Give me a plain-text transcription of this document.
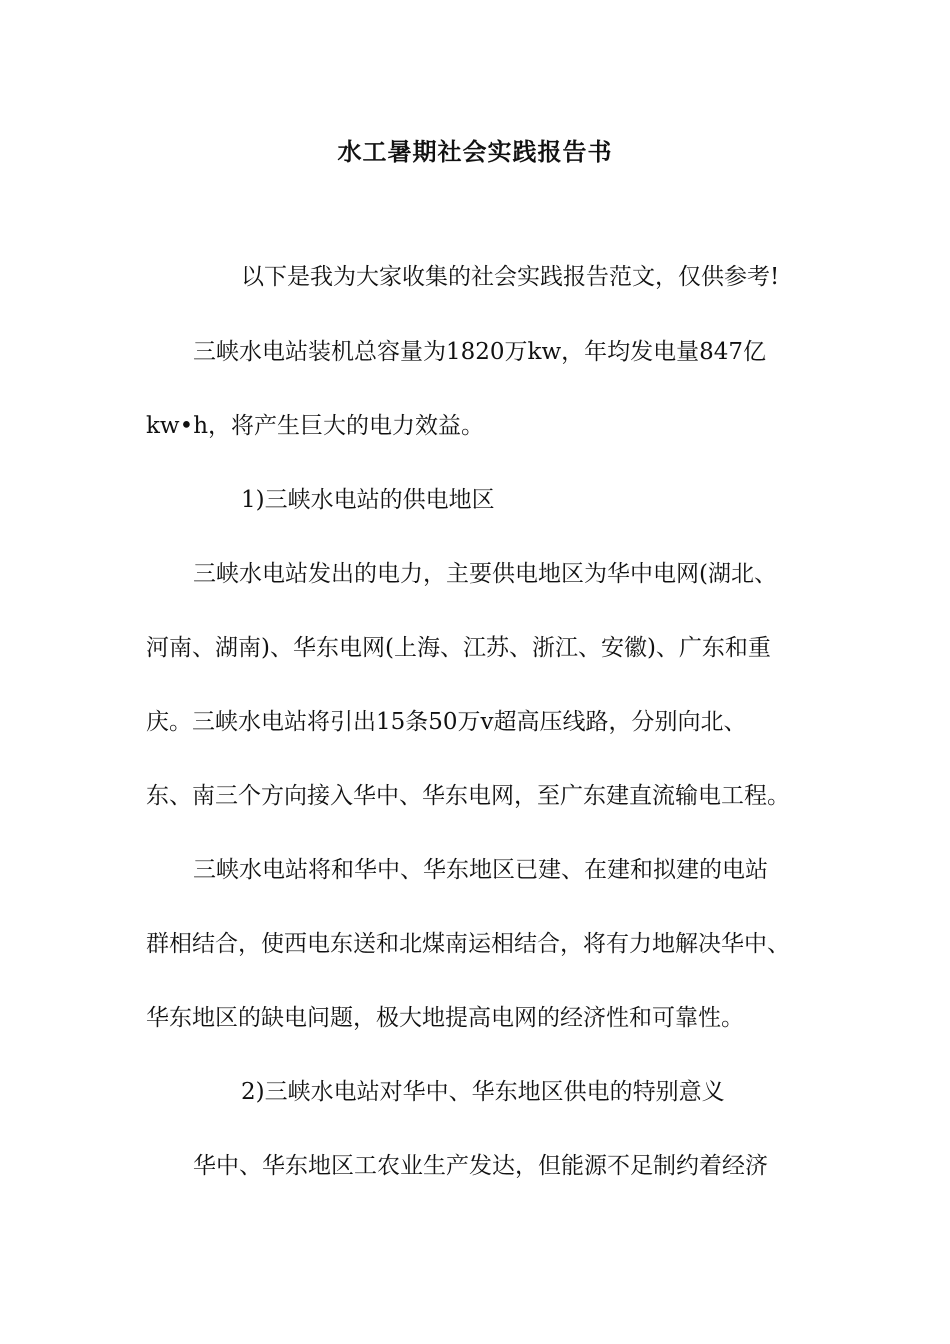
水工暑期社会实践报告书
以下是我为大家收集的社会实践报告范文，仅供参考!
三峡水电站装机总容量为1820万kw，年均发电量847亿
kw•h，将产生巨大的电力效益。
1)三峡水电站的供电地区
三峡水电站发出的电力，主要供电地区为华中电网(湖北、
河南、湖南)、华东电网(上海、江苏、浙江、安徽)、广东和重
庆。三峡水电站将引出15条50万v超高压线路，分别向北、
东、南三个方向接入华中、华东电网，至广东建直流输电工程。
三峡水电站将和华中、华东地区已建、在建和拟建的电站
群相结合，使西电东送和北煤南运相结合，将有力地解决华中、
华东地区的缺电问题，极大地提高电网的经济性和可靠性。
2)三峡水电站对华中、华东地区供电的特别意义
华中、华东地区工农业生产发达，但能源不足制约着经济
